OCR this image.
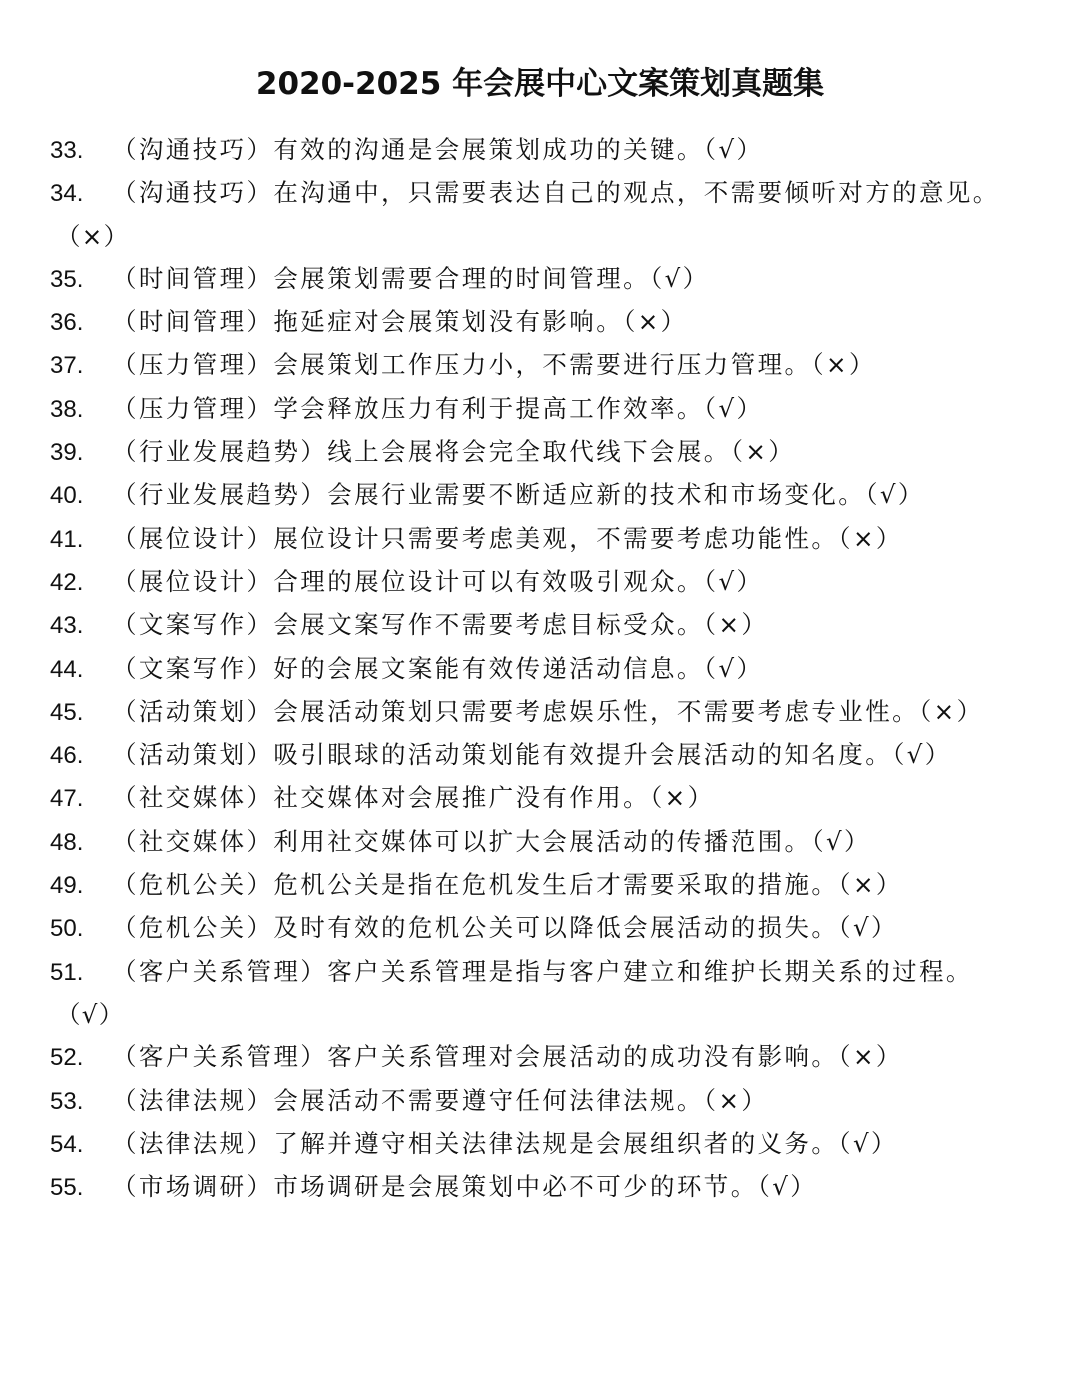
2020-2025 年会展中心文案策划真题集
33. （沟通技巧）有效的沟通是会展策划成功的关键。（√）
34. （沟通技巧）在沟通中，只需要表达自己的观点，不需要倾听对方的意见。
（×）
35. （时间管理）会展策划需要合理的时间管理。（√）
36. （时间管理）拖延症对会展策划没有影响。（×）
37. （压力管理）会展策划工作压力小，不需要进行压力管理。（×）
38. （压力管理）学会释放压力有利于提高工作效率。（√）
39. （行业发展趋势）线上会展将会完全取代线下会展。（×）
40. （行业发展趋势）会展行业需要不断适应新的技术和市场变化。（√）
41. （展位设计）展位设计只需要考虑美观，不需要考虑功能性。（×）
42. （展位设计）合理的展位设计可以有效吸引观众。（√）
43. （文案写作）会展文案写作不需要考虑目标受众。（×）
44. （文案写作）好的会展文案能有效传递活动信息。（√）
45. （活动策划）会展活动策划只需要考虑娱乐性，不需要考虑专业性。（×）
46. （活动策划）吸引眼球的活动策划能有效提升会展活动的知名度。（√）
47. （社交媒体）社交媒体对会展推广没有作用。（×）
48. （社交媒体）利用社交媒体可以扩大会展活动的传播范围。（√）
49. （危机公关）危机公关是指在危机发生后才需要采取的措施。（×）
50. （危机公关）及时有效的危机公关可以降低会展活动的损失。（√）
51. （客户关系管理）客户关系管理是指与客户建立和维护长期关系的过程。
（√）
52. （客户关系管理）客户关系管理对会展活动的成功没有影响。（×）
53. （法律法规）会展活动不需要遵守任何法律法规。（×）
54. （法律法规）了解并遵守相关法律法规是会展组织者的义务。（√）
55. （市场调研）市场调研是会展策划中必不可少的环节。（√）
